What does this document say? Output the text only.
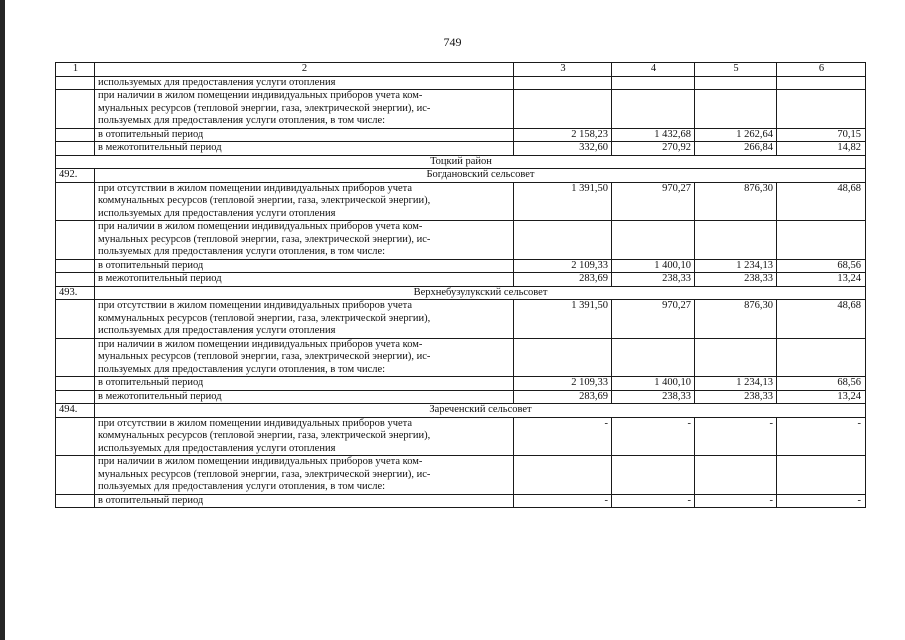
749
1	2	3	4	5	6
	используемых для предоставления услуги отопления				
	при наличии в жилом помещении индивидуальных приборов учета ком-
мунальных ресурсов (тепловой энергии, газа, электрической энергии), ис-
пользуемых для предоставления услуги отопления, в том числе:				
	в отопительный период	2 158,23	1 432,68	1 262,64	70,15
	в межотопительный период	332,60	270,92	266,84	14,82
Тоцкий район					
492.	Богдановский сельсовет				
	при отсутствии в жилом помещении индивидуальных приборов учета
коммунальных ресурсов (тепловой энергии, газа, электрической энергии),
используемых для предоставления услуги отопления	1 391,50	970,27	876,30	48,68
	при наличии в жилом помещении индивидуальных приборов учета ком-
мунальных ресурсов (тепловой энергии, газа, электрической энергии), ис-
пользуемых для предоставления услуги отопления, в том числе:				
	в отопительный период	2 109,33	1 400,10	1 234,13	68,56
	в межотопительный период	283,69	238,33	238,33	13,24
493.	Верхнебузулукский сельсовет				
	при отсутствии в жилом помещении индивидуальных приборов учета
коммунальных ресурсов (тепловой энергии, газа, электрической энергии),
используемых для предоставления услуги отопления	1 391,50	970,27	876,30	48,68
	при наличии в жилом помещении индивидуальных приборов учета ком-
мунальных ресурсов (тепловой энергии, газа, электрической энергии), ис-
пользуемых для предоставления услуги отопления, в том числе:				
	в отопительный период	2 109,33	1 400,10	1 234,13	68,56
	в межотопительный период	283,69	238,33	238,33	13,24
494.	Зареченский сельсовет				
	при отсутствии в жилом помещении индивидуальных приборов учета
коммунальных ресурсов (тепловой энергии, газа, электрической энергии),
используемых для предоставления услуги отопления	-	-	-	-
	при наличии в жилом помещении индивидуальных приборов учета ком-
мунальных ресурсов (тепловой энергии, газа, электрической энергии), ис-
пользуемых для предоставления услуги отопления, в том числе:				
	в отопительный период	-	-	-	-
